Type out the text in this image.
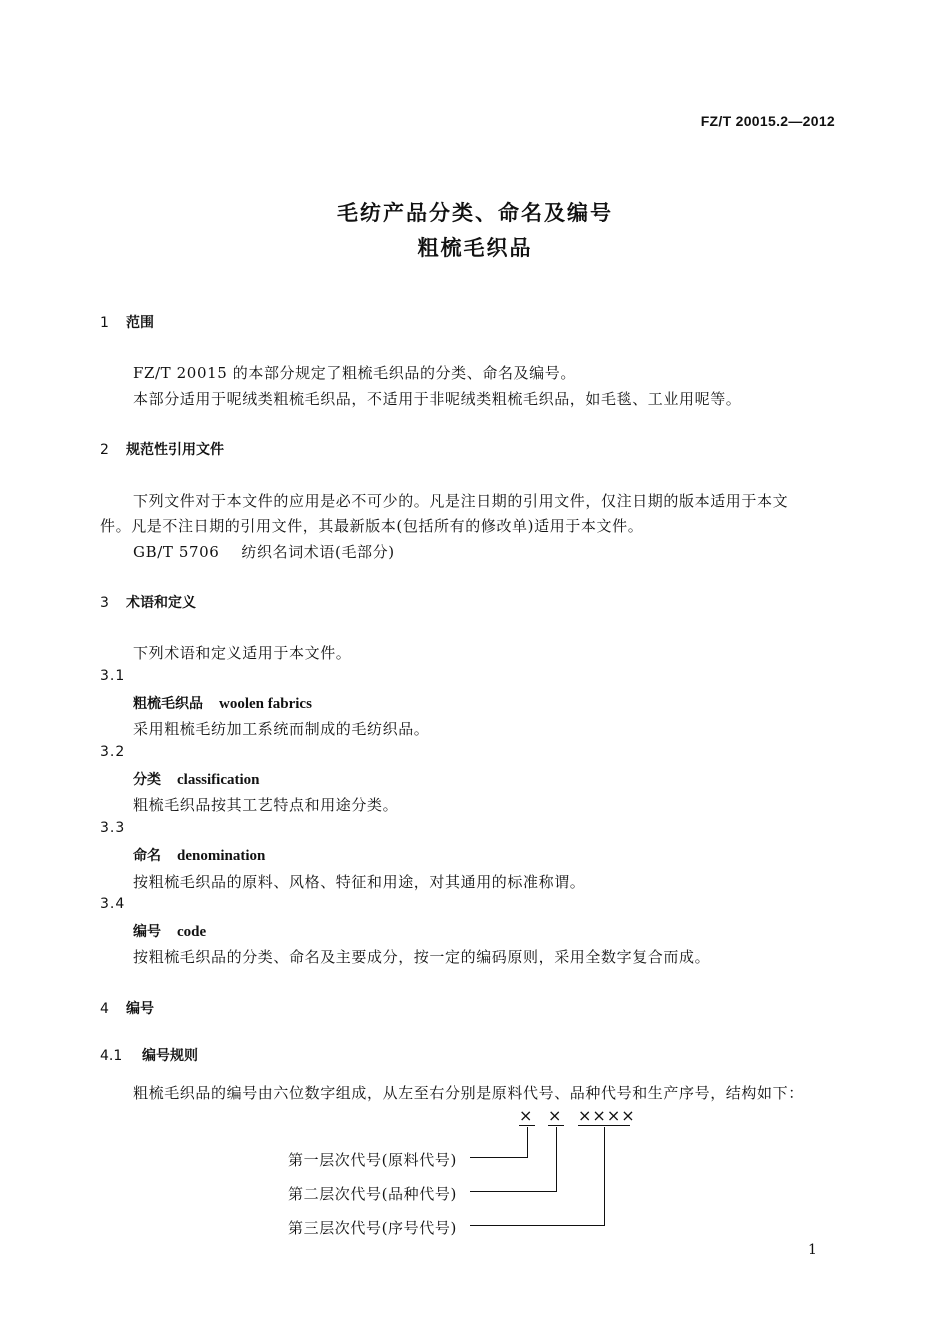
FZ/T 20015.2—2012
毛纺产品分类、命名及编号
粗梳毛织品
1 范围
FZ/T 20015 的本部分规定了粗梳毛织品的分类、命名及编号。
本部分适用于呢绒类粗梳毛织品，不适用于非呢绒类粗梳毛织品，如毛毯、工业用呢等。
2 规范性引用文件
下列文件对于本文件的应用是必不可少的。凡是注日期的引用文件，仅注日期的版本适用于本文
件。凡是不注日期的引用文件，其最新版本(包括所有的修改单)适用于本文件。
GB/T 5706 纺织名词术语(毛部分)
3 术语和定义
下列术语和定义适用于本文件。
3.1
粗梳毛织品 woolen fabrics
采用粗梳毛纺加工系统而制成的毛纺织品。
3.2
分类 classification
粗梳毛织品按其工艺特点和用途分类。
3.3
命名 denomination
按粗梳毛织品的原料、风格、特征和用途，对其通用的标准称谓。
3.4
编号 code
按粗梳毛织品的分类、命名及主要成分，按一定的编码原则，采用全数字复合而成。
4 编号
4.1 编号规则
粗梳毛织品的编号由六位数字组成，从左至右分别是原料代号、品种代号和生产序号，结构如下：
× × ××××
第一层次代号(原料代号)
第二层次代号(品种代号)
第三层次代号(序号代号)
1
